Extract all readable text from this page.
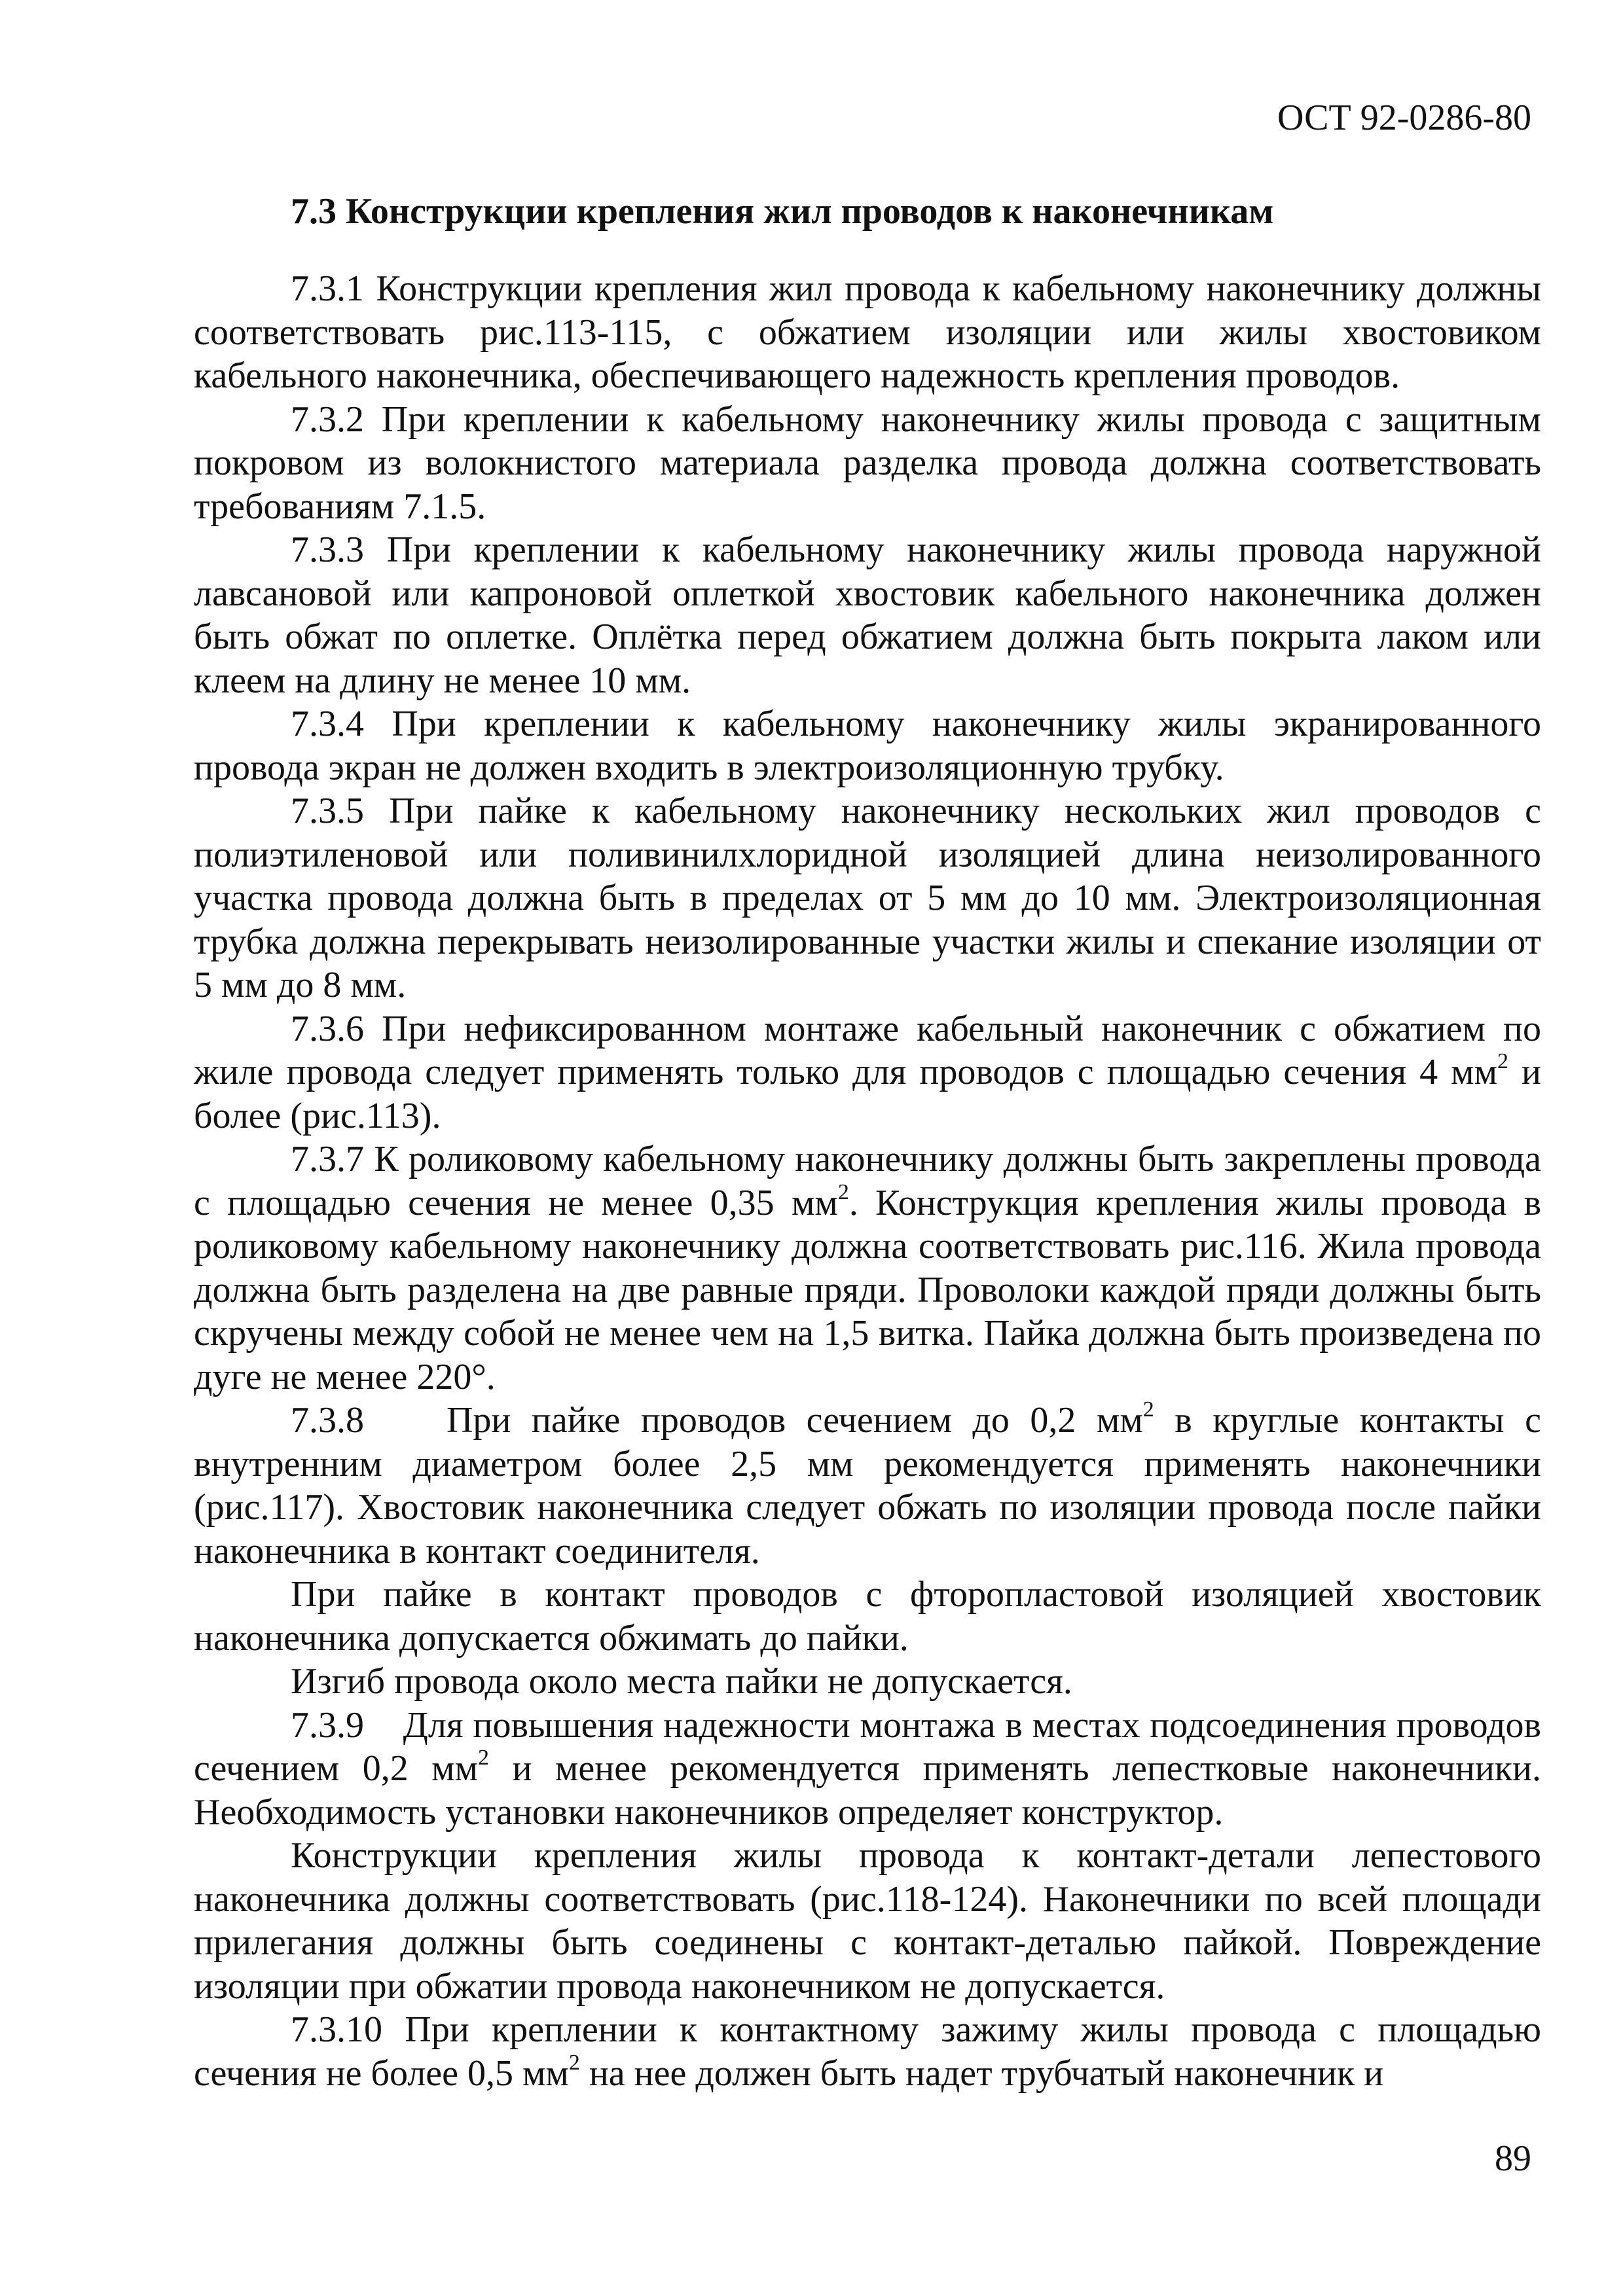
ОСТ 92-0286-80
7.3 Конструкции крепления жил проводов к наконечникам

7.3.1 Конструкции крепления жил провода к кабельному наконечнику должны соответствовать рис.113-115, с обжатием изоляции или жилы хвостовиком кабельного наконечника, обеспечивающего надежность крепления проводов.

7.3.2 При креплении к кабельному наконечнику жилы провода с защитным покровом из волокнистого материала разделка провода должна соответствовать требованиям 7.1.5.

7.3.3 При креплении к кабельному наконечнику жилы провода наружной лавсановой или капроновой оплеткой хвостовик кабельного наконечника должен быть обжат по оплетке. Оплётка перед обжатием должна быть покрыта лаком или клеем на длину не менее 10 мм.

7.3.4 При креплении к кабельному наконечнику жилы экранированного провода экран не должен входить в электроизоляционную трубку.

7.3.5 При пайке к кабельному наконечнику нескольких жил проводов с полиэтиленовой или поливинилхлоридной изоляцией длина неизолированного участка провода должна быть в пределах от 5 мм до 10 мм. Электроизоляционная трубка должна перекрывать неизолированные участки жилы и спекание изоляции от 5 мм до 8 мм.

7.3.6 При нефиксированном монтаже кабельный наконечник с обжатием по жиле провода следует применять только для проводов с площадью сечения 4 $мм^2$ и более (рис.113).

7.3.7 К роликовому кабельному наконечнику должны быть закреплены провода с площадью сечения не менее 0,35 $мм^2$. Конструкция крепления жилы провода в роликовому кабельному наконечнику должна соответствовать рис.116. Жила провода должна быть разделена на две равные пряди. Проволоки каждой пряди должны быть скручены между собой не менее чем на 1,5 витка. Пайка должна быть произведена по дуге не менее 220°.

7.3.8    При пайке проводов сечением до 0,2 $мм^2$ в круглые контакты с внутренним диаметром более 2,5 мм рекомендуется применять наконечники (рис.117). Хвостовик наконечника следует обжать по изоляции провода после пайки наконечника в контакт соединителя.

При пайке в контакт проводов с фторопластовой изоляцией хвостовик наконечника допускается обжимать до пайки.

Изгиб провода около места пайки не допускается.

7.3.9    Для повышения надежности монтажа в местах подсоединения проводов сечением 0,2 $мм^2$ и менее рекомендуется применять лепестковые наконечники. Необходимость установки наконечников определяет конструктор.

Конструкции крепления жилы провода к контакт-детали лепестового наконечника должны соответствовать (рис.118-124). Наконечники по всей площади прилегания должны быть соединены с контакт-деталью пайкой. Повреждение изоляции при обжатии провода наконечником не допускается.

7.3.10 При креплении к контактному зажиму жилы провода с площадью сечения не более 0,5 $мм^2$ на нее должен быть надет трубчатый наконечник и

89
